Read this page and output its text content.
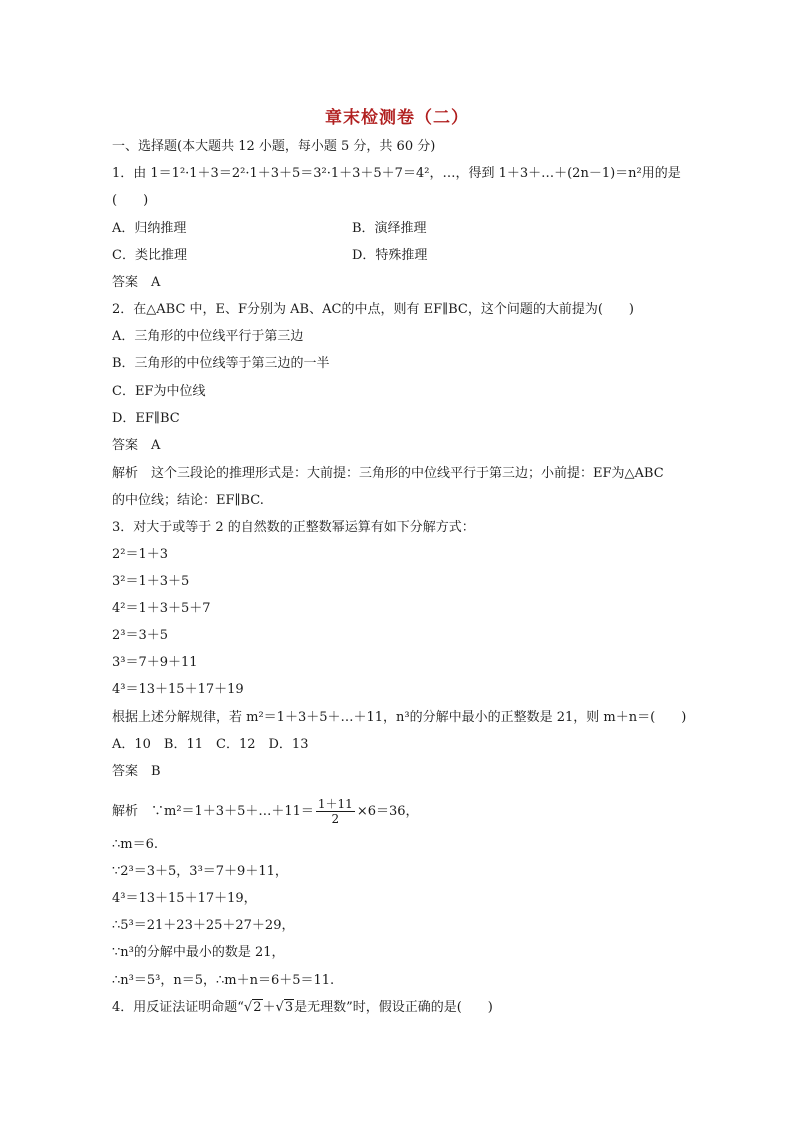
章末检测卷（二）
一、选择题(本大题共 12 小题，每小题 5 分，共 60 分)
1．由 1＝1²·1＋3＝2²·1＋3＋5＝3²·1＋3＋5＋7＝4²，…，得到 1＋3＋…＋(2n－1)＝n²用的是
(　　)
A．归纳推理	B．演绎推理
C．类比推理	D．特殊推理
答案　A
2．在△ABC 中，E、F分别为 AB、AC的中点，则有 EF∥BC，这个问题的大前提为(　　)
A．三角形的中位线平行于第三边
B．三角形的中位线等于第三边的一半
C．EF为中位线
D．EF∥BC
答案　A
解析　这个三段论的推理形式是：大前提：三角形的中位线平行于第三边；小前提：EF为△ABC
的中位线；结论：EF∥BC.
3．对大于或等于 2 的自然数的正整数幂运算有如下分解方式：
2²＝1＋3
3²＝1＋3＋5
4²＝1＋3＋5＋7
2³＝3＋5
3³＝7＋9＋11
4³＝13＋15＋17＋19
根据上述分解规律，若 m²＝1＋3＋5＋…＋11，n³的分解中最小的正整数是 21，则 m＋n＝(　　)
A．10　B．11　C．12　D．13
答案　B
解析　∵m²＝1＋3＋5＋…＋11＝ $\frac{1+11}{2} \times 6=36$，
∴m＝6.
∵2³＝3＋5，3³＝7＋9＋11，
4³＝13＋15＋17＋19，
∴5³＝21＋23＋25＋27＋29，
∵n³的分解中最小的数是 21，
∴n³＝5³，n＝5，∴m＋n＝6＋5＝11.
4．用反证法证明命题“√2＋√3是无理数”时，假设正确的是(　　)
